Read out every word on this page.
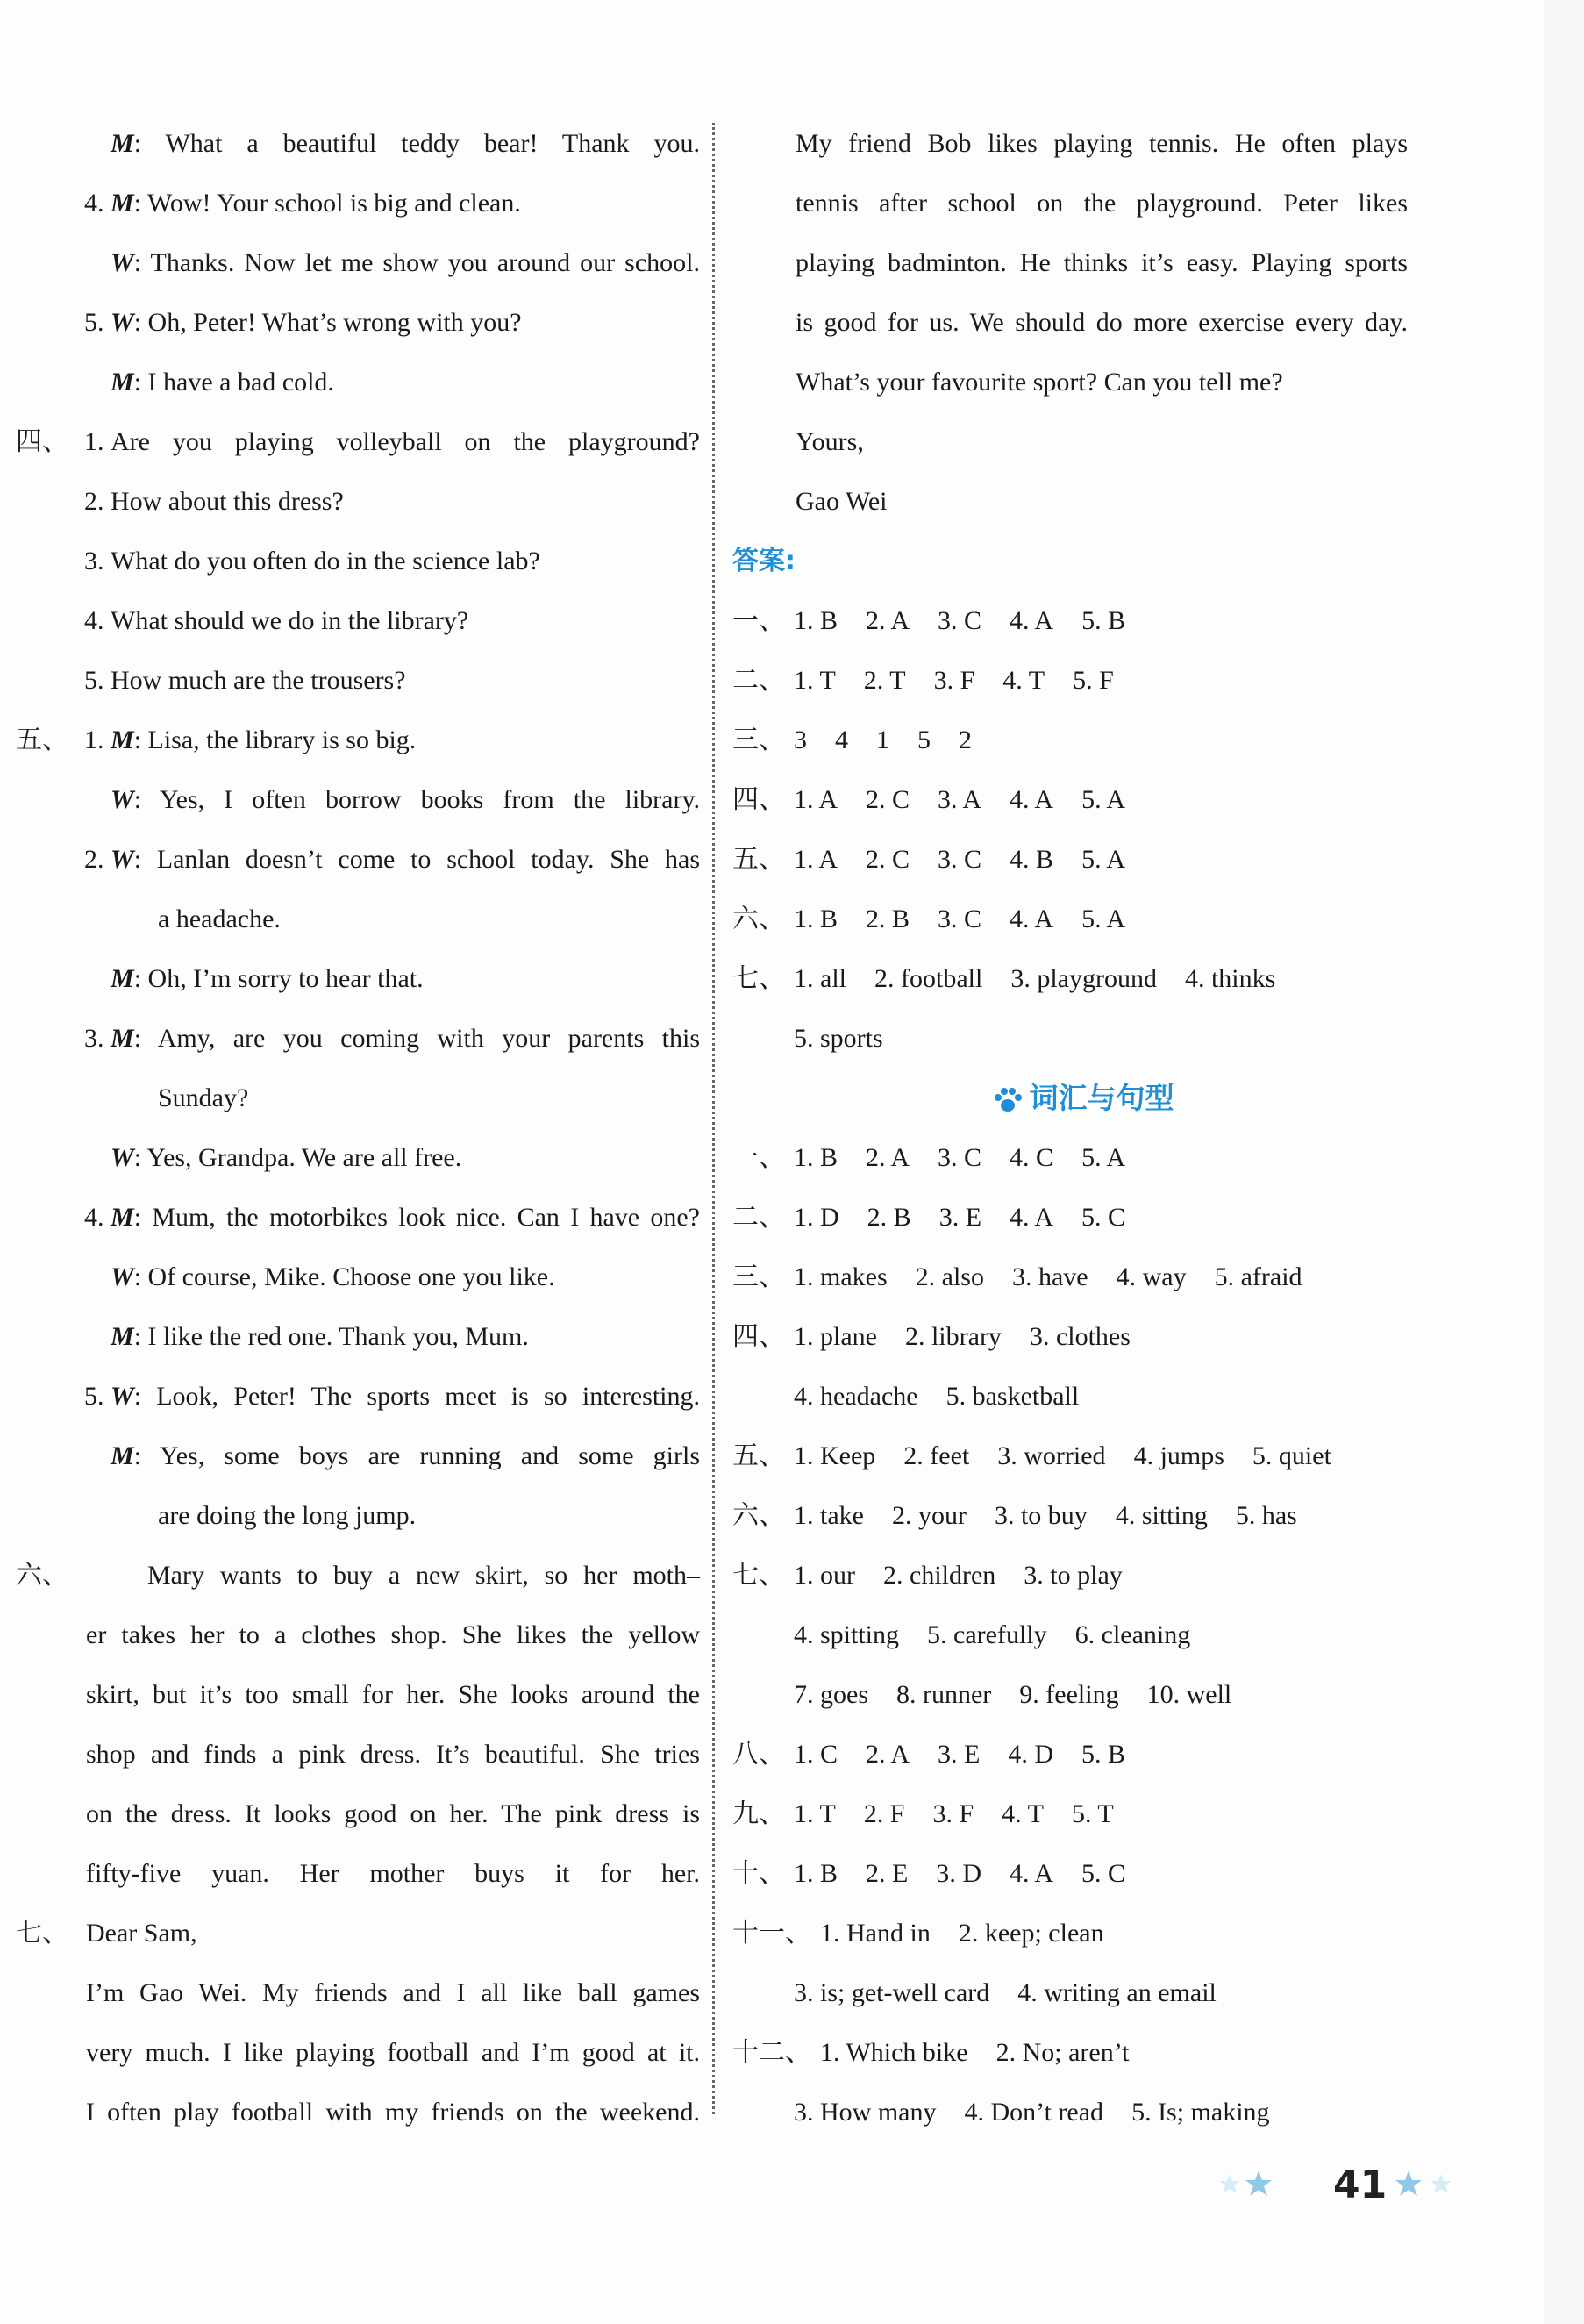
M: What a beautiful teddy bear! Thank you.
4. M: Wow! Your school is big and clean.
W: Thanks. Now let me show you around our school.
5. W: Oh, Peter! What’s wrong with you?
M: I have a bad cold.
四、 1. Are you playing volleyball on the playground?
2. How about this dress?
3. What do you often do in the science lab?
4. What should we do in the library?
5. How much are the trousers?
五、 1. M: Lisa, the library is so big.
W: Yes, I often borrow books from the library.
2. W: Lanlan doesn’t come to school today. She has
a headache.
M: Oh, I’m sorry to hear that.
3. M: Amy, are you coming with your parents this
Sunday?
W: Yes, Grandpa. We are all free.
4. M: Mum, the motorbikes look nice. Can I have one?
W: Of course, Mike. Choose one you like.
M: I like the red one. Thank you, Mum.
5. W: Look, Peter! The sports meet is so interesting.
M: Yes, some boys are running and some girls
are doing the long jump.
六、	Mary wants to buy a new skirt, so her moth–
er takes her to a clothes shop. She likes the yellow
skirt, but it’s too small for her. She looks around the
shop and finds a pink dress. It’s beautiful. She tries
on the dress. It looks good on her. The pink dress is
fifty-five yuan. Her mother buys it for her.
七、 Dear Sam,
I’m Gao Wei. My friends and I all like ball games
very much. I like playing football and I’m good at it.
I often play football with my friends on the weekend.
My friend Bob likes playing tennis. He often plays
tennis after school on the playground. Peter likes
playing badminton. He thinks it’s easy. Playing sports
is good for us. We should do more exercise every day.
What’s your favourite sport? Can you tell me?
Yours,
Gao Wei
答案:
一、 1. B 2. A 3. C 4. A 5. B
二、 1. T 2. T 3. F 4. T 5. F
三、 3 4 1 5 2
四、 1. A 2. C 3. A 4. A 5. A
五、 1. A 2. C 3. C 4. B 5. A
六、 1. B 2. B 3. C 4. A 5. A
七、 1. all 2. football 3. playground 4. thinks
5. sports
词汇与句型
一、 1. B 2. A 3. C 4. C 5. A
二、 1. D 2. B 3. E 4. A 5. C
三、 1. makes 2. also 3. have 4. way 5. afraid
四、 1. plane 2. library 3. clothes
4. headache 5. basketball
五、 1. Keep 2. feet 3. worried 4. jumps 5. quiet
六、 1. take 2. your 3. to buy 4. sitting 5. has
七、 1. our 2. children 3. to play
4. spitting 5. carefully 6. cleaning
7. goes 8. runner 9. feeling 10. well
八、 1. C 2. A 3. E 4. D 5. B
九、 1. T 2. F 3. F 4. T 5. T
十、 1. B 2. E 3. D 4. A 5. C
十一、 1. Hand in 2. keep; clean
3. is; get-well card 4. writing an email
十二、 1. Which bike 2. No; aren’t
3. How many 4. Don’t read 5. Is; making
41
